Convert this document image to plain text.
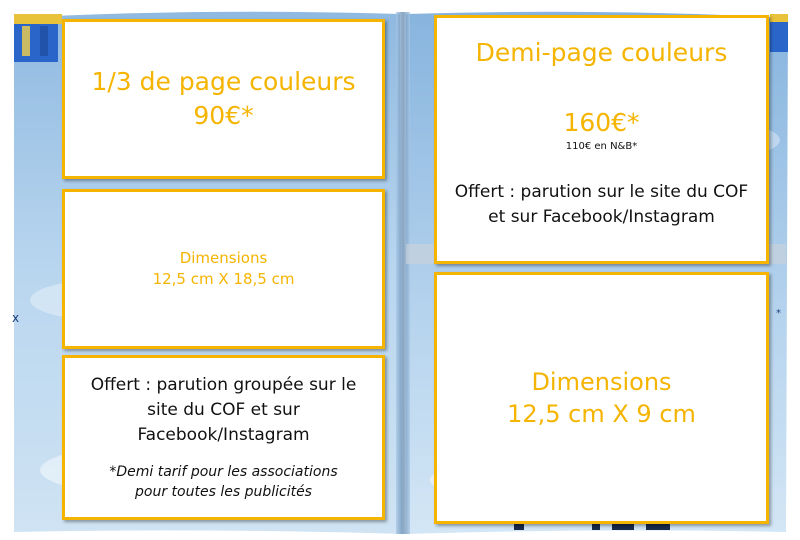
x	*
1/3 de page couleurs
90€*
Dimensions
12,5 cm X 18,5 cm
Offert : parution groupée sur le
site du COF et sur
Facebook/Instagram
*Demi tarif pour les associations
pour toutes les publicités
Demi-page couleurs
160€*
110€ en N&B*
Offert : parution sur le site du COF
et sur Facebook/Instagram
Dimensions
12,5 cm X 9 cm
